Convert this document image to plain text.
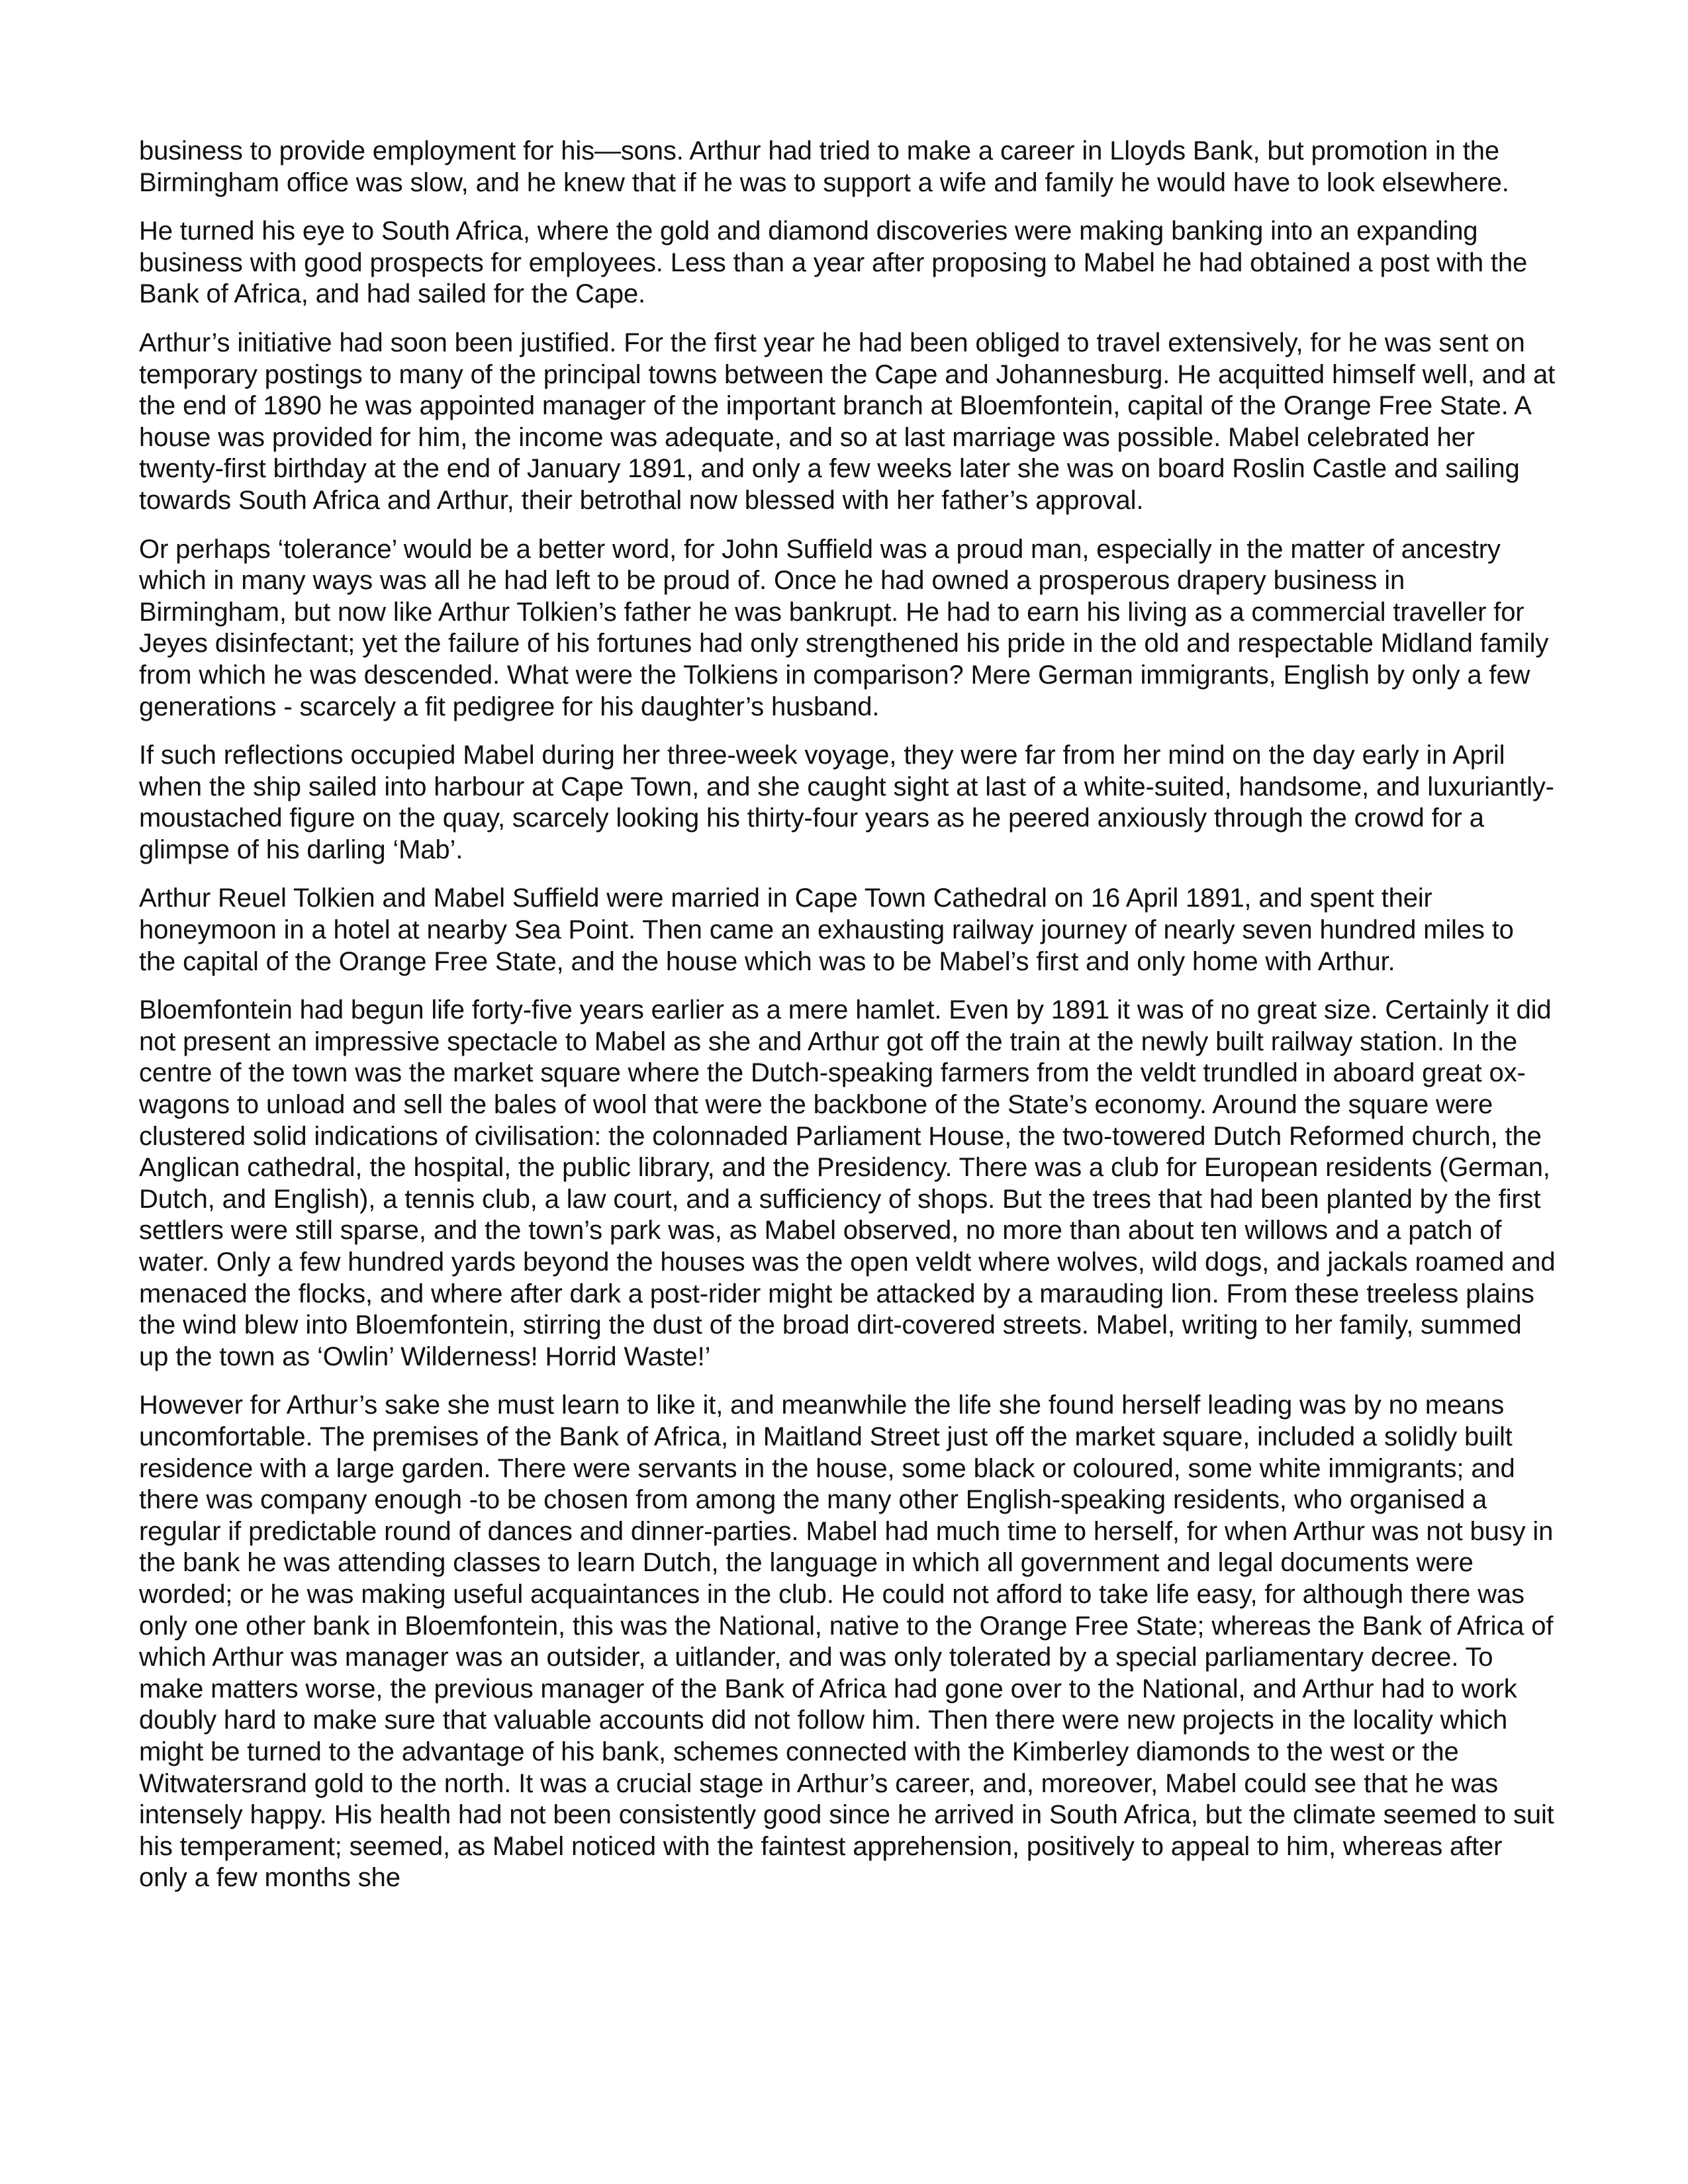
business to provide employment for his—sons. Arthur had tried to make a career in Lloyds Bank, but promotion in the Birmingham office was slow, and he knew that if he was to support a wife and family he would have to look elsewhere.

He turned his eye to South Africa, where the gold and diamond discoveries were making banking into an expanding business with good prospects for employees. Less than a year after proposing to Mabel he had obtained a post with the Bank of Africa, and had sailed for the Cape.

Arthur’s initiative had soon been justified. For the first year he had been obliged to travel extensively, for he was sent on temporary postings to many of the principal towns between the Cape and Johannesburg. He acquitted himself well, and at the end of 1890 he was appointed manager of the important branch at Bloemfontein, capital of the Orange Free State. A house was provided for him, the income was adequate, and so at last marriage was possible. Mabel celebrated her twenty-first birthday at the end of January 1891, and only a few weeks later she was on board Roslin Castle and sailing towards South Africa and Arthur, their betrothal now blessed with her father’s approval.

Or perhaps ‘tolerance’ would be a better word, for John Suffield was a proud man, especially in the matter of ancestry which in many ways was all he had left to be proud of. Once he had owned a prosperous drapery business in Birmingham, but now like Arthur Tolkien’s father he was bankrupt. He had to earn his living as a commercial traveller for Jeyes disinfectant; yet the failure of his fortunes had only strengthened his pride in the old and respectable Midland family from which he was descended. What were the Tolkiens in comparison? Mere German immigrants, English by only a few generations - scarcely a fit pedigree for his daughter’s husband.

If such reflections occupied Mabel during her three-week voyage, they were far from her mind on the day early in April when the ship sailed into harbour at Cape Town, and she caught sight at last of a white-suited, handsome, and luxuriantly-moustached figure on the quay, scarcely looking his thirty-four years as he peered anxiously through the crowd for a glimpse of his darling ‘Mab’.

Arthur Reuel Tolkien and Mabel Suffield were married in Cape Town Cathedral on 16 April 1891, and spent their honeymoon in a hotel at nearby Sea Point. Then came an exhausting railway journey of nearly seven hundred miles to the capital of the Orange Free State, and the house which was to be Mabel’s first and only home with Arthur.

Bloemfontein had begun life forty-five years earlier as a mere hamlet. Even by 1891 it was of no great size. Certainly it did not present an impressive spectacle to Mabel as she and Arthur got off the train at the newly built railway station. In the centre of the town was the market square where the Dutch-speaking farmers from the veldt trundled in aboard great ox-wagons to unload and sell the bales of wool that were the backbone of the State’s economy. Around the square were clustered solid indications of civilisation: the colonnaded Parliament House, the two-towered Dutch Reformed church, the Anglican cathedral, the hospital, the public library, and the Presidency. There was a club for European residents (German, Dutch, and English), a tennis club, a law court, and a sufficiency of shops. But the trees that had been planted by the first settlers were still sparse, and the town’s park was, as Mabel observed, no more than about ten willows and a patch of water. Only a few hundred yards beyond the houses was the open veldt where wolves, wild dogs, and jackals roamed and menaced the flocks, and where after dark a post-rider might be attacked by a marauding lion. From these treeless plains the wind blew into Bloemfontein, stirring the dust of the broad dirt-covered streets. Mabel, writing to her family, summed up the town as ‘Owlin’ Wilderness! Horrid Waste!’

However for Arthur’s sake she must learn to like it, and meanwhile the life she found herself leading was by no means uncomfortable. The premises of the Bank of Africa, in Maitland Street just off the market square, included a solidly built residence with a large garden. There were servants in the house, some black or coloured, some white immigrants; and there was company enough -to be chosen from among the many other English-speaking residents, who organised a regular if predictable round of dances and dinner-parties. Mabel had much time to herself, for when Arthur was not busy in the bank he was attending classes to learn Dutch, the language in which all government and legal documents were worded; or he was making useful acquaintances in the club. He could not afford to take life easy, for although there was only one other bank in Bloemfontein, this was the National, native to the Orange Free State; whereas the Bank of Africa of which Arthur was manager was an outsider, a uitlander, and was only tolerated by a special parliamentary decree. To make matters worse, the previous manager of the Bank of Africa had gone over to the National, and Arthur had to work doubly hard to make sure that valuable accounts did not follow him. Then there were new projects in the locality which might be turned to the advantage of his bank, schemes connected with the Kimberley diamonds to the west or the Witwatersrand gold to the north. It was a crucial stage in Arthur’s career, and, moreover, Mabel could see that he was intensely happy. His health had not been consistently good since he arrived in South Africa, but the climate seemed to suit his temperament; seemed, as Mabel noticed with the faintest apprehension, positively to appeal to him, whereas after only a few months she
